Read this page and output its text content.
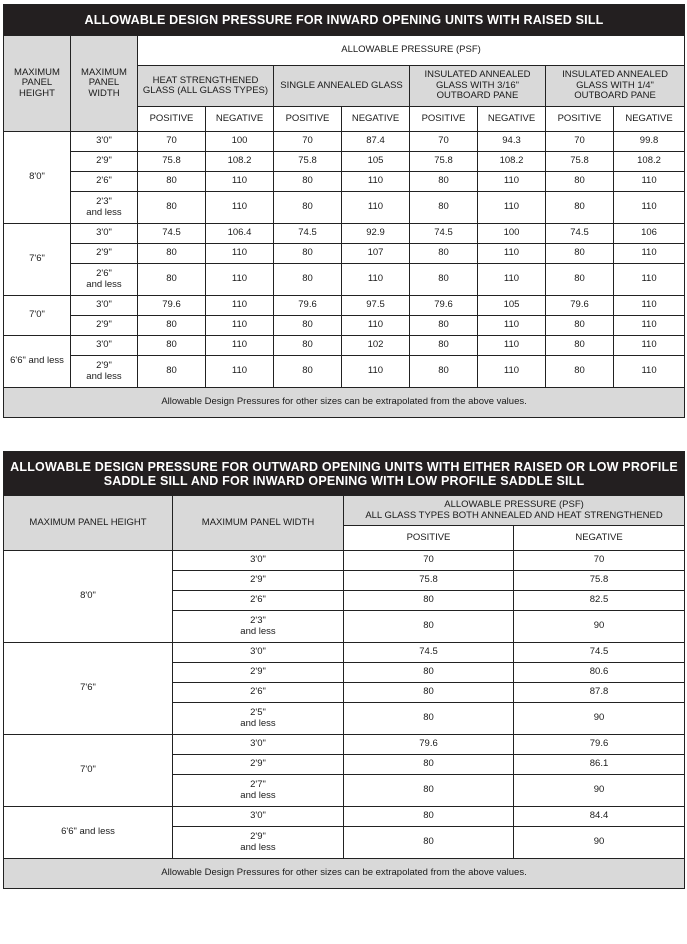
ALLOWABLE DESIGN PRESSURE FOR INWARD OPENING UNITS WITH RAISED SILL									
MAXIMUM PANEL HEIGHT	MAXIMUM PANEL WIDTH	ALLOWABLE PRESSURE (PSF)							
		HEAT STRENGTHENED GLASS (ALL GLASS TYPES)		SINGLE ANNEALED GLASS		INSULATED ANNEALED GLASS WITH 3/16" OUTBOARD PANE		INSULATED ANNEALED GLASS WITH 1/4" OUTBOARD PANE	
		POSITIVE	NEGATIVE	POSITIVE	NEGATIVE	POSITIVE	NEGATIVE	POSITIVE	NEGATIVE
8'0"	3'0"	70	100	70	87.4	70	94.3	70	99.8

	2'9"	75.8	108.2	75.8	105	75.8	108.2	75.8	108.2

	2'6"	80	110	80	110	80	110	80	110

	2'3"
and less	80	110	80	110	80	110	80	110
7'6"	3'0"	74.5	106.4	74.5	92.9	74.5	100	74.5	106

	2'9"	80	110	80	107	80	110	80	110

	2'6"
and less	80	110	80	110	80	110	80	110
7'0"	3'0"	79.6	110	79.6	97.5	79.6	105	79.6	110

	2'9"	80	110	80	110	80	110	80	110
6'6" and less	3'0"	80	110	80	102	80	110	80	110

	2'9"
and less	80	110	80	110	80	110	80	110
Allowable Design Pressures for other sizes can be extrapolated from the above values.									
ALLOWABLE DESIGN PRESSURE FOR OUTWARD OPENING UNITS WITH EITHER RAISED OR LOW PROFILE
SADDLE SILL AND FOR INWARD OPENING WITH LOW PROFILE SADDLE SILL			

MAXIMUM PANEL HEIGHT	MAXIMUM PANEL WIDTH	ALLOWABLE PRESSURE (PSF)
ALL GLASS TYPES BOTH ANNEALED AND HEAT STRENGTHENED	

		POSITIVE	NEGATIVE
8'0"	3'0"	70	70

	2'9"	75.8	75.8

	2'6"	80	82.5

	2'3"
and less	80	90
7'6"	3'0"	74.5	74.5

	2'9"	80	80.6

	2'6"	80	87.8

	2'5"
and less	80	90
7'0"	3'0"	79.6	79.6

	2'9"	80	86.1

	2'7"
and less	80	90
6'6" and less	3'0"	80	84.4

	2'9"
and less	80	90
Allowable Design Pressures for other sizes can be extrapolated from the above values.			
